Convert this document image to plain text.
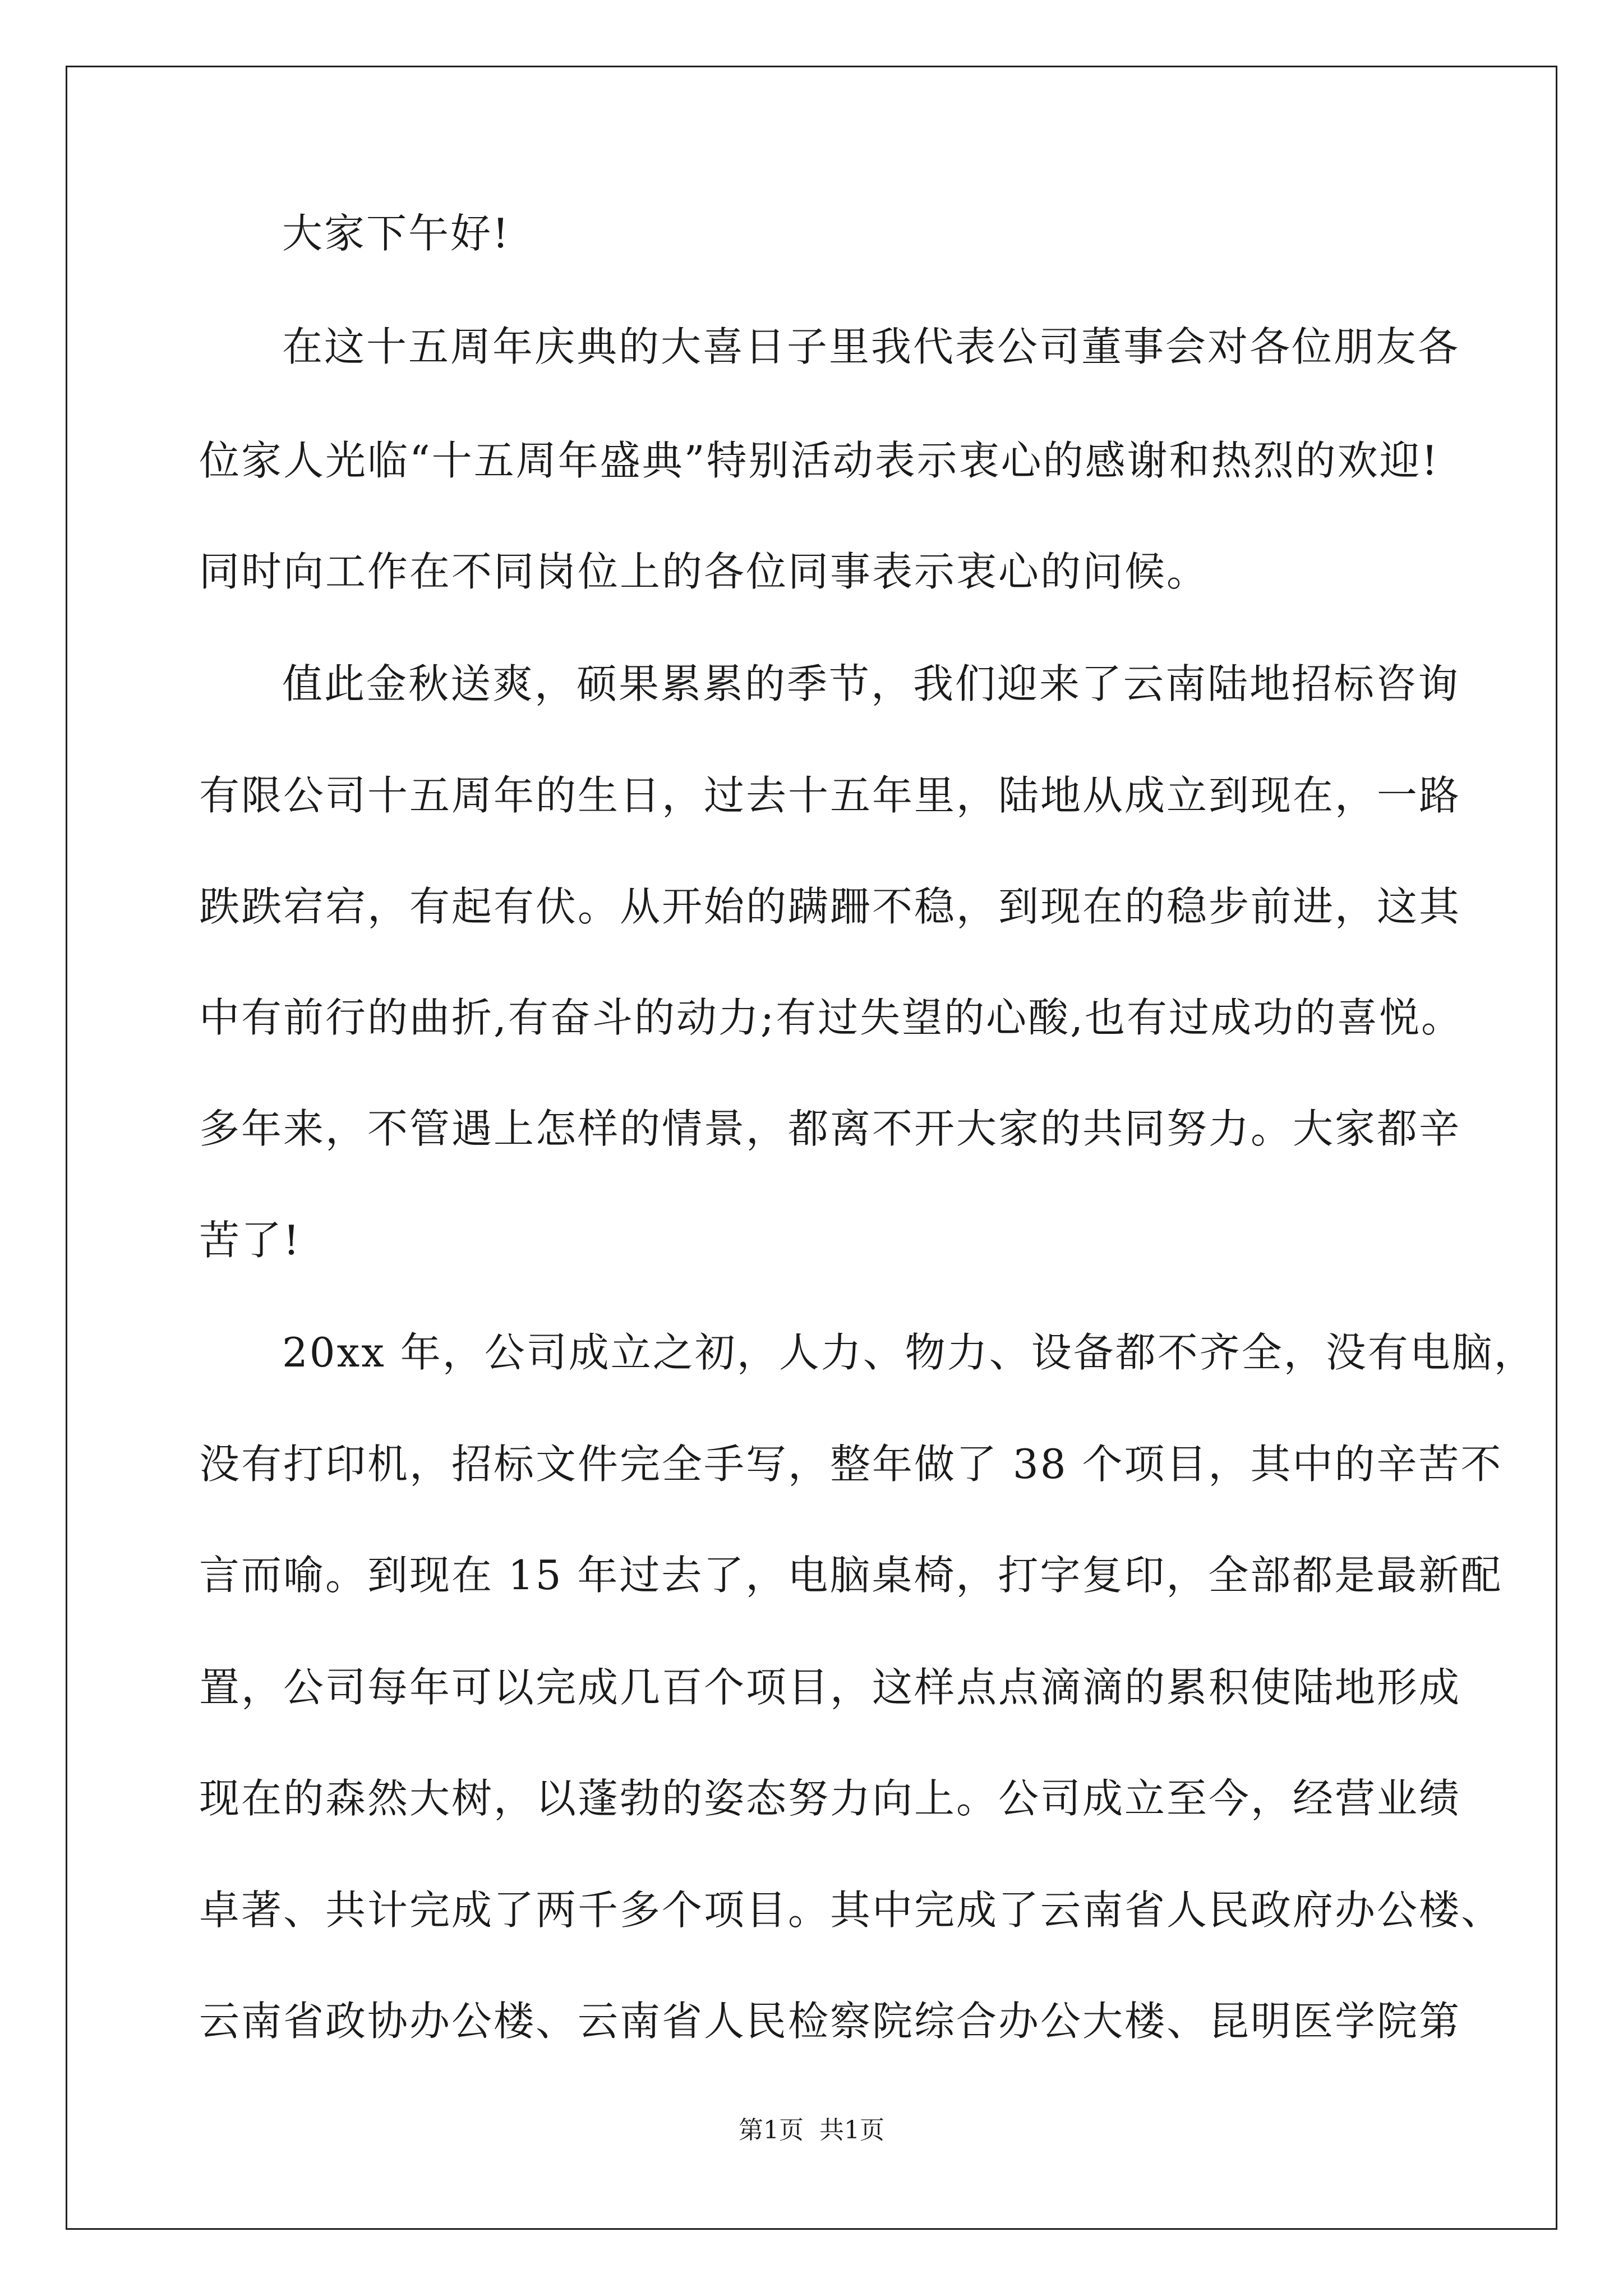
大家下午好!
在这十五周年庆典的大喜日子里我代表公司董事会对各位朋友各
位家人光临“十五周年盛典”特别活动表示衷心的感谢和热烈的欢迎!
同时向工作在不同岗位上的各位同事表示衷心的问候。
值此金秋送爽，硕果累累的季节，我们迎来了云南陆地招标咨询
有限公司十五周年的生日，过去十五年里，陆地从成立到现在，一路
跌跌宕宕，有起有伏。从开始的蹒跚不稳，到现在的稳步前进，这其
中有前行的曲折,有奋斗的动力;有过失望的心酸,也有过成功的喜悦。
多年来，不管遇上怎样的情景，都离不开大家的共同努力。大家都辛
苦了!
20xx 年，公司成立之初，人力、物力、设备都不齐全，没有电脑，
没有打印机，招标文件完全手写，整年做了 38 个项目，其中的辛苦不
言而喻。到现在 15 年过去了，电脑桌椅，打字复印，全部都是最新配
置，公司每年可以完成几百个项目，这样点点滴滴的累积使陆地形成
现在的森然大树，以蓬勃的姿态努力向上。公司成立至今，经营业绩
卓著、共计完成了两千多个项目。其中完成了云南省人民政府办公楼、
云南省政协办公楼、云南省人民检察院综合办公大楼、昆明医学院第
第1页 共1页
